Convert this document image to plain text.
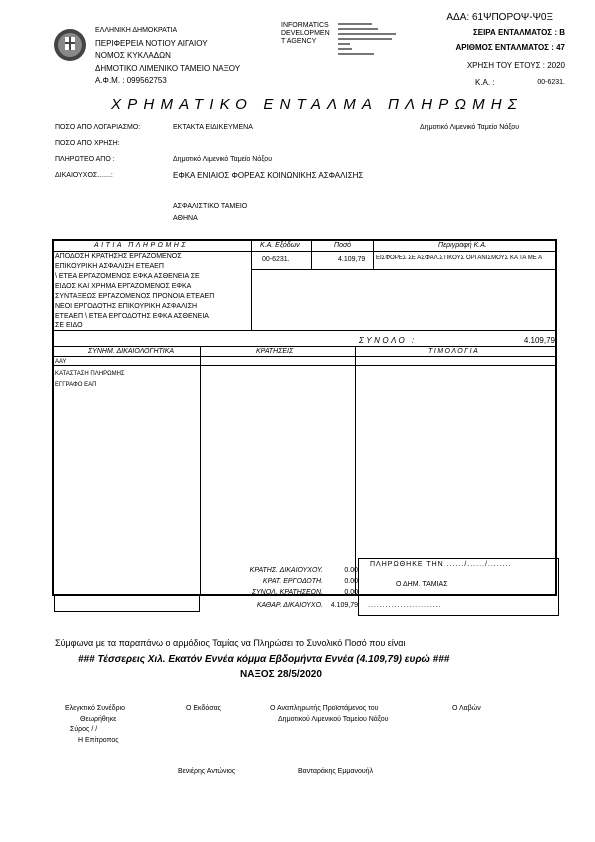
ΕΛΛΗΝΙΚΗ ΔΗΜΟΚΡΑΤΙΑ
ΠΕΡΙΦΕΡΕΙΑ ΝΟΤΙΟΥ ΑΙΓΑΙΟΥ
ΝΟΜΟΣ ΚΥΚΛΑΔΩΝ
ΔΗΜΟΤΙΚΟ ΛΙΜΕΝΙΚΟ ΤΑΜΕΙΟ ΝΑΞΟΥ
Α.Φ.Μ. : 099562753
INFORMATICS
DEVELOPMEN
T AGENCY
ΑΔΑ: 61ΨΠΟΡΟΨ-Ψ0Ξ
ΣΕΙΡΑ ΕΝΤΑΛΜΑΤΟΣ : Β
ΑΡΙΘΜΟΣ ΕΝΤΑΛΜΑΤΟΣ : 47
ΧΡΗΣΗ ΤΟΥ ΕΤΟΥΣ : 2020
Κ.Α. :	00-6231.
ΧΡΗΜΑΤΙΚΟ ΕΝΤΑΛΜΑ ΠΛΗΡΩΜΗΣ
ΠΟΣΟ ΑΠΟ ΛΟΓΑΡΙΑΣΜΟ:	ΕΚΤΑΚΤΑ ΕΙΔΙΚΕΥΜΕΝΑ	Δημοτικό Λιμενικό Ταμείο Νάξου
ΠΟΣΟ ΑΠΟ ΧΡΗΣΗ:
ΠΛΗΡΩΤΕΟ ΑΠΟ :	Δημοτικό Λιμενικό Ταμείο Νάξου
ΔΙΚΑΙΟΥΧΟΣ.......:	ΕΦΚΑ ΕΝΙΑΙΟΣ ΦΟΡΕΑΣ ΚΟΙΝΩΝΙΚΗΣ ΑΣΦΑΛΙΣΗΣ
ΑΣΦΑΛΙΣΤΙΚΟ ΤΑΜΕΙΟ
ΑΘΗΝΑ
ΑΙΤΙΑ ΠΛΗΡΩΜΗΣ	Κ.Α. Εξόδων	Ποσό	Περιγραφή Κ.Α.
ΑΠΟΔΟΣΗ ΚΡΑΤΗΣΗΣ ΕΡΓΑΖΟΜΕΝΟΣ
ΕΠΙΚΟΥΡΙΚΗ ΑΣΦΑΛΙΣΗ ΕΤΕΑΕΠ
\ ΕΤΕΑ ΕΡΓΑΖΟΜΕΝΟΣ ΕΦΚΑ ΑΣΘΕΝΕΙΑ ΣΕ
ΕΙΔΟΣ ΚΑΙ ΧΡΗΜΑ ΕΡΓΑΖΟΜΕΝΟΣ ΕΦΚΑ
ΣΥΝΤΑΞΕΩΣ ΕΡΓΑΖΟΜΕΝΟΣ ΠΡΟΝΟΙΑ ΕΤΕΑΕΠ
ΝΕΟΙ ΕΡΓΟΔΟΤΗΣ ΕΠΙΚΟΥΡΙΚΗ ΑΣΦΑΛΙΣΗ
ΕΤΕΑΕΠ \ ΕΤΕΑ ΕΡΓΟΔΟΤΗΣ ΕΦΚΑ ΑΣΘΕΝΕΙΑ
ΣΕ ΕΙΔΟ
00-6231.	4.109,79 ΕΙΣΦΟΡΕΣ ΣΕ ΑΣΦΑΛ.ΣΤΙΚΟΥΣ ΟΡΓΑΝΙΣΜΟΥΣ ΚΑ ΤΑ ΜΕ Α
ΣΥΝΟΛΟ :	4.109,79
ΣΥΝΗΜ. ΔΙΚΑΙΟΛΟΓΗΤΙΚΑ	ΚΡΑΤΗΣΕΙΣ	ΤΙΜΟΛΟΓΙΑ
ΑΑΥ
ΚΑΤΑΣΤΑΣΗ ΠΛΗΡΩΜΗΣ
ΕΓΓΡΑΦΟ ΕΑΠ
ΚΡΑΤΗΣ. ΔΙΚΑΙΟΥΧΟΥ.	0.00
ΚΡΑΤ. ΕΡΓΟΔΟΤΗ.	0.00
ΣΥΝΟΛ. ΚΡΑΤΗΣΕΩΝ.	0.00
ΚΑΘΑΡ. ΔΙΚΑΙΟΥΧΟ. 4.109,79
ΠΛΗΡΩΘΗΚΕ ΤΗΝ ....../....../........
Ο ΔΗΜ. ΤΑΜΙΑΣ
.........................
Σύμφωνα με τα παραπάνω ο αρμόδιος Ταμίας να Πληρώσει το Συνολικό Ποσό που είναι
### Τέσσερεις Χιλ. Εκατόν Εννέα κόμμα Εβδομήντα Εννέα (4.109,79) ευρώ ###
ΝΑΞΟΣ 28/5/2020
Ελεγκτικό Συνέδριο
Θεωρήθηκε
Σύρος / /
Η Επίτροπος
Ο Εκδόσας	Ο Αναπληρωτής Προϊστάμενος του
Δημοτικού Λιμενικού Ταμείου Νάξου
Ο Λαβών
Βενιέρης Αντώνιος	Βανταράκης Εμμανουήλ
